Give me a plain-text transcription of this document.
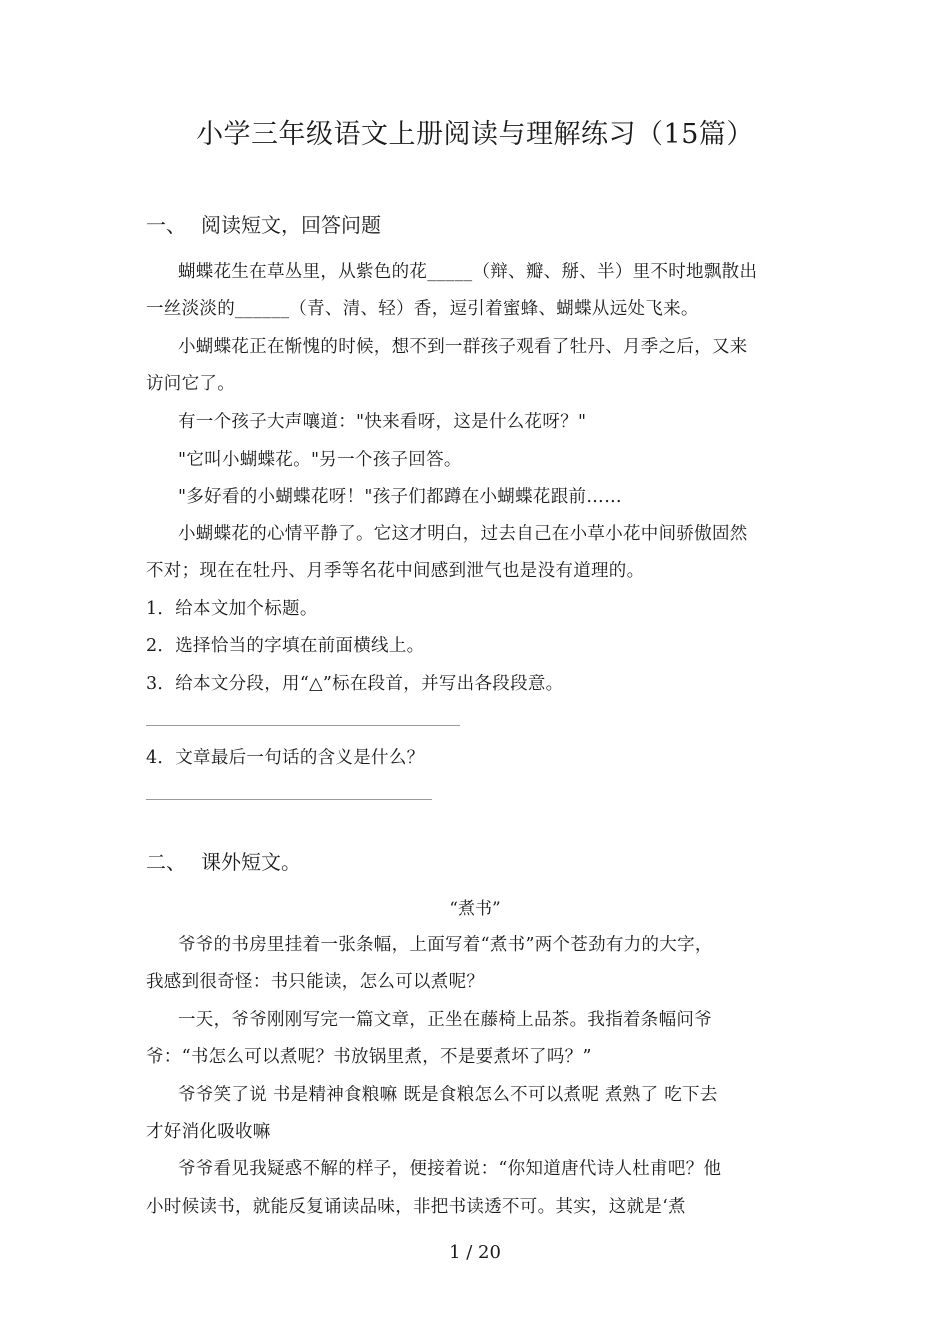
小学三年级语文上册阅读与理解练习（15篇）
一、 阅读短文，回答问题
蝴蝶花生在草丛里，从紫色的花_____（辩、瓣、掰、半）里不时地飘散出
一丝淡淡的______（青、清、轻）香，逗引着蜜蜂、蝴蝶从远处飞来。
小蝴蝶花正在惭愧的时候，想不到一群孩子观看了牡丹、月季之后，又来
访问它了。
有一个孩子大声嚷道："快来看呀，这是什么花呀？"
"它叫小蝴蝶花。"另一个孩子回答。
"多好看的小蝴蝶花呀！"孩子们都蹲在小蝴蝶花跟前……
小蝴蝶花的心情平静了。它这才明白，过去自己在小草小花中间骄傲固然
不对；现在在牡丹、月季等名花中间感到泄气也是没有道理的。
1．给本文加个标题。
2．选择恰当的字填在前面横线上。
3．给本文分段，用“△”标在段首，并写出各段段意。
4．文章最后一句话的含义是什么？
二、 课外短文。
“煮书”
爷爷的书房里挂着一张条幅，上面写着“煮书”两个苍劲有力的大字，
我感到很奇怪：书只能读，怎么可以煮呢？
一天，爷爷刚刚写完一篇文章，正坐在藤椅上品茶。我指着条幅问爷
爷：“书怎么可以煮呢？书放锅里煮，不是要煮坏了吗？”
爷爷笑了说 书是精神食粮嘛 既是食粮怎么不可以煮呢 煮熟了 吃下去
才好消化吸收嘛
爷爷看见我疑惑不解的样子，便接着说：“你知道唐代诗人杜甫吧？他
小时候读书，就能反复诵读品味，非把书读透不可。其实，这就是‘煮
1 / 20
